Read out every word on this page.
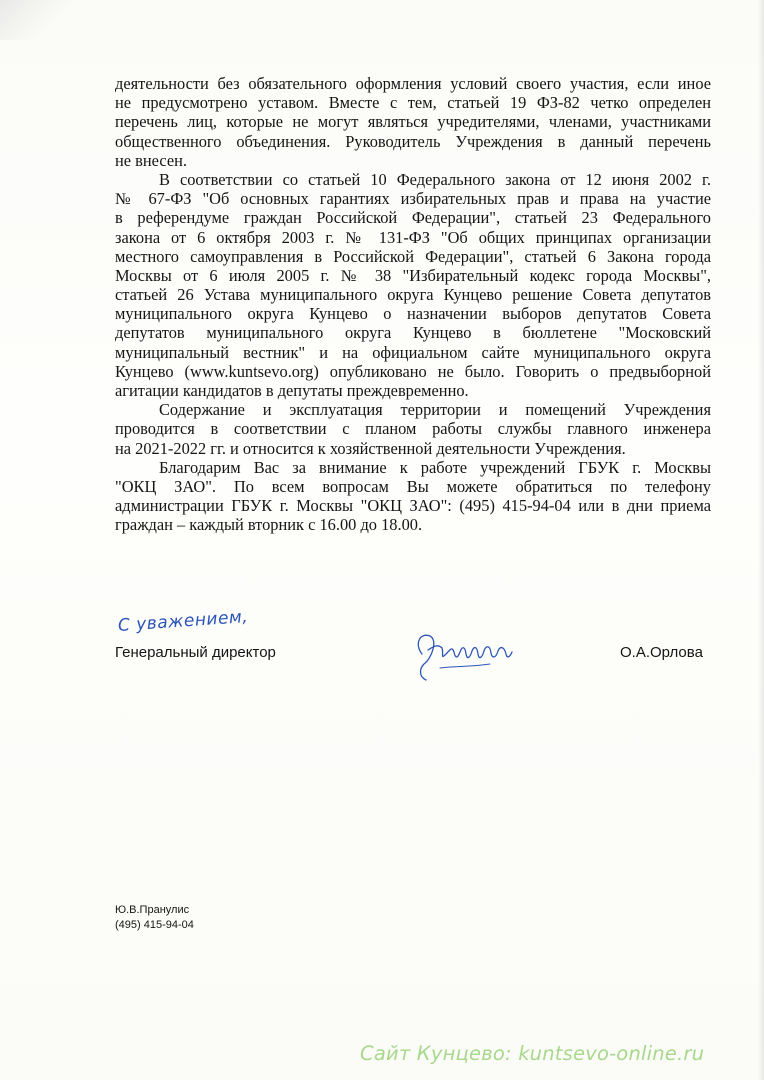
деятельности без обязательного оформления условий своего участия, если иное
не предусмотрено уставом. Вместе с тем, статьей 19 ФЗ-82 четко определен
перечень лиц, которые не могут являться учредителями, членами, участниками
общественного объединения. Руководитель Учреждения в данный перечень
не внесен.
В соответствии со статьей 10 Федерального закона от 12 июня 2002 г.
№ 67-ФЗ "Об основных гарантиях избирательных прав и права на участие
в референдуме граждан Российской Федерации", статьей 23 Федерального
закона от 6 октября 2003 г. № 131-ФЗ "Об общих принципах организации
местного самоуправления в Российской Федерации", статьей 6 Закона города
Москвы от 6 июля 2005 г. № 38 "Избирательный кодекс города Москвы",
статьей 26 Устава муниципального округа Кунцево решение Совета депутатов
муниципального округа Кунцево о назначении выборов депутатов Совета
депутатов муниципального округа Кунцево в бюллетене "Московский
муниципальный вестник" и на официальном сайте муниципального округа
Кунцево (www.kuntsevo.org) опубликовано не было. Говорить о предвыборной
агитации кандидатов в депутаты преждевременно.
Содержание и эксплуатация территории и помещений Учреждения
проводится в соответствии с планом работы службы главного инженера
на 2021-2022 гг. и относится к хозяйственной деятельности Учреждения.
Благодарим Вас за внимание к работе учреждений ГБУК г. Москвы
"ОКЦ ЗАО". По всем вопросам Вы можете обратиться по телефону
администрации ГБУК г. Москвы "ОКЦ ЗАО": (495) 415-94-04 или в дни приема
граждан – каждый вторник с 16.00 до 18.00.
С уважением,
Генеральный директор	О.А.Орлова
Ю.В.Пранулис
(495) 415-94-04
Сайт Кунцево: kuntsevo-online.ru
